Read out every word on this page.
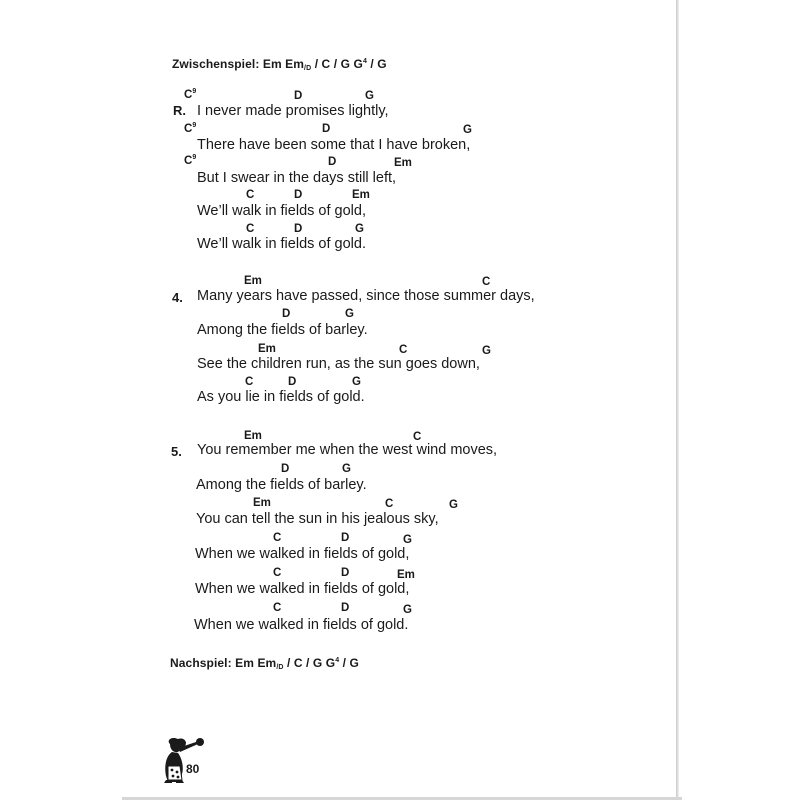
Zwischenspiel: Em $Em_{/D}$ / C / G $G^4$ / G
$C^9$	D	G
R. I never made promises lightly,
$C^9$	D	G
There have been some that I have broken,
$C^9$	D	Em
But I swear in the days still left,
C	D	Em
We’ll walk in fields of gold,
C	D	G
We’ll walk in fields of gold.
Em	C
4. Many years have passed, since those summer days,
D	G
Among the fields of barley.
Em	C	G
See the children run, as the sun goes down,
C	D	G
As you lie in fields of gold.
Em	C
5. You remember me when the west wind moves,
D	G
Among the fields of barley.
Em	C	G
You can tell the sun in his jealous sky,
C	D	G
When we walked in fields of gold,
C	D	Em
When we walked in fields of gold,
C	D	G
When we walked in fields of gold.
Nachspiel: Em $Em_{/D}$ / C / G $G^4$ / G
80
